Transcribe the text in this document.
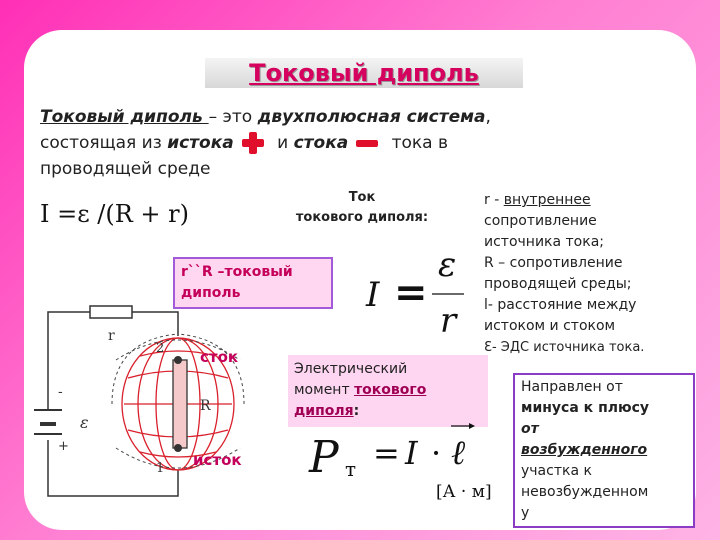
Токовый диполь
Токовый диполь – это двухполюсная система,
состоящая из истока и стока тока в
проводящей среде
I =ε /(R + r)
Ток
токового диполя:
r``R –токовый
диполь	I =
ε
r
r - внутреннее
сопротивление
источника тока;
R – сопротивление
проводящей среды;
l- расстояние между
истоком и стоком
Ɛ- ЭДС источника тока.
Электрический
момент токового
диполя:
P т = I · ℓ
[А · м]
Направлен от
минуса к плюсу
от
возбужденного
участка к
невозбужденном
у
r
-
+
ε
R
2
1
сток
исток
